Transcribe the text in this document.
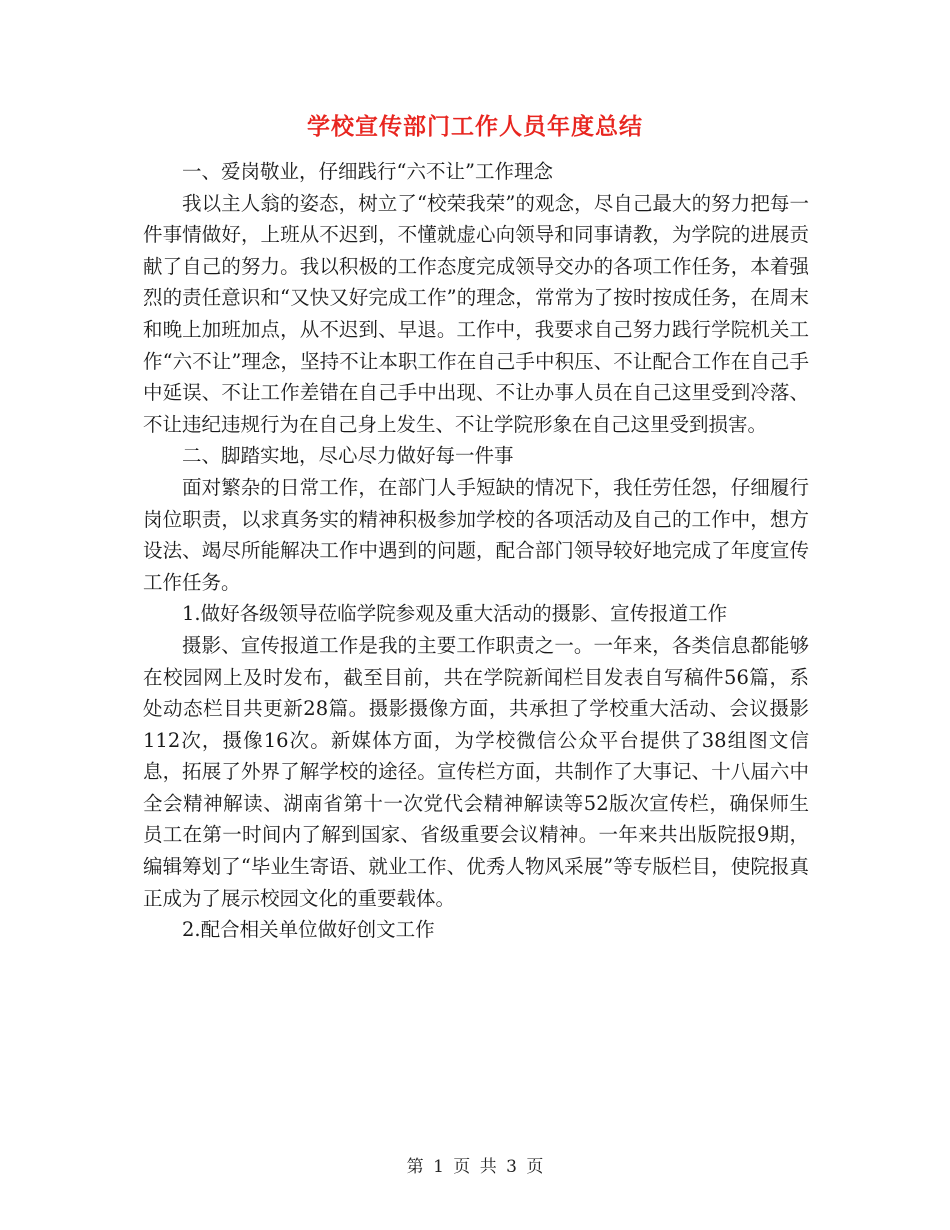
学校宣传部门工作人员年度总结

一、爱岗敬业，仔细践行“六不让”工作理念

我以主人翁的姿态，树立了“校荣我荣”的观念，尽自己最大的努力把每一件事情做好，上班从不迟到，不懂就虚心向领导和同事请教，为学院的进展贡献了自己的努力。我以积极的工作态度完成领导交办的各项工作任务，本着强烈的责任意识和“又快又好完成工作”的理念，常常为了按时按成任务，在周末和晚上加班加点，从不迟到、早退。工作中，我要求自己努力践行学院机关工作“六不让”理念，坚持不让本职工作在自己手中积压、不让配合工作在自己手中延误、不让工作差错在自己手中出现、不让办事人员在自己这里受到冷落、不让违纪违规行为在自己身上发生、不让学院形象在自己这里受到损害。

二、脚踏实地，尽心尽力做好每一件事

面对繁杂的日常工作，在部门人手短缺的情况下，我任劳任怨，仔细履行岗位职责，以求真务实的精神积极参加学校的各项活动及自己的工作中，想方设法、竭尽所能解决工作中遇到的问题，配合部门领导较好地完成了年度宣传工作任务。

1.做好各级领导莅临学院参观及重大活动的摄影、宣传报道工作

摄影、宣传报道工作是我的主要工作职责之一。一年来，各类信息都能够在校园网上及时发布，截至目前，共在学院新闻栏目发表自写稿件56篇，系处动态栏目共更新28篇。摄影摄像方面，共承担了学校重大活动、会议摄影112次，摄像16次。新媒体方面，为学校微信公众平台提供了38组图文信息，拓展了外界了解学校的途径。宣传栏方面，共制作了大事记、十八届六中全会精神解读、湖南省第十一次党代会精神解读等52版次宣传栏，确保师生员工在第一时间内了解到国家、省级重要会议精神。一年来共出版院报9期，编辑筹划了“毕业生寄语、就业工作、优秀人物风采展”等专版栏目，使院报真正成为了展示校园文化的重要载体。

2.配合相关单位做好创文工作

第 1 页 共 3 页
